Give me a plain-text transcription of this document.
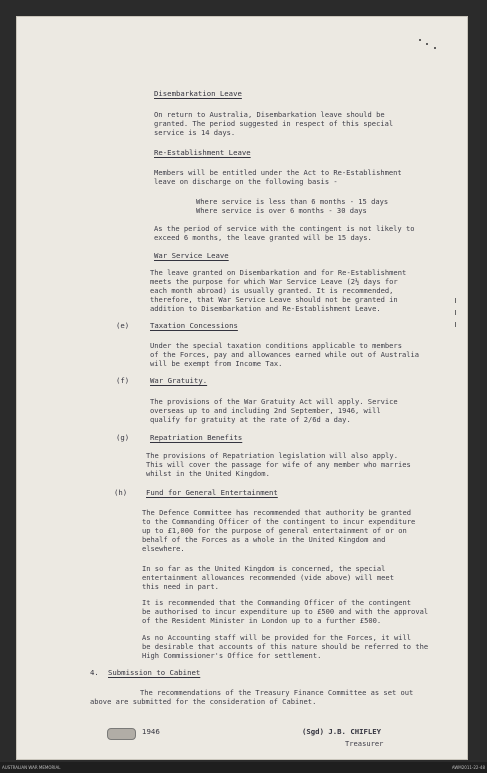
Disembarkation Leave
On return to Australia, Disembarkation leave should be
granted. The period suggested in respect of this special
service is 14 days.
Re-Establishment Leave
Members will be entitled under the Act to Re-Establishment
leave on discharge on the following basis -
Where service is less than 6 months - 15 days
Where service is over 6 months - 30 days
As the period of service with the contingent is not likely to
exceed 6 months, the leave granted will be 15 days.
War Service Leave
The leave granted on Disembarkation and for Re-Establishment
meets the purpose for which War Service Leave (2½ days for
each month abroad) is usually granted. It is recommended,
therefore, that War Service Leave should not be granted in
addition to Disembarkation and Re-Establishment Leave.
(e)	Taxation Concessions
Under the special taxation conditions applicable to members
of the Forces, pay and allowances earned while out of Australia
will be exempt from Income Tax.
(f)	War Gratuity.
The provisions of the War Gratuity Act will apply. Service
overseas up to and including 2nd September, 1946, will
qualify for gratuity at the rate of 2/6d a day.
(g)	Repatriation Benefits
The provisions of Repatriation legislation will also apply.
This will cover the passage for wife of any member who marries
whilst in the United Kingdom.
(h)	Fund for General Entertainment
The Defence Committee has recommended that authority be granted
to the Commanding Officer of the contingent to incur expenditure
up to £1,000 for the purpose of general entertainment of or on
behalf of the Forces as a whole in the United Kingdom and
elsewhere.
In so far as the United Kingdom is concerned, the special
entertainment allowances recommended (vide above) will meet
this need in part.
It is recommended that the Commanding Officer of the contingent
be authorised to incur expenditure up to £500 and with the approval
of the Resident Minister in London up to a further £500.
As no Accounting staff will be provided for the Forces, it will
be desirable that accounts of this nature should be referred to the
High Commissioner's Office for settlement.
4. Submission to Cabinet
The recommendations of the Treasury Finance Committee as set out
above are submitted for the consideration of Cabinet.
1946	(Sgd) J.B. CHIFLEY
Treasurer
AUSTRALIAN WAR MEMORIAL	AWM2011-22-48
